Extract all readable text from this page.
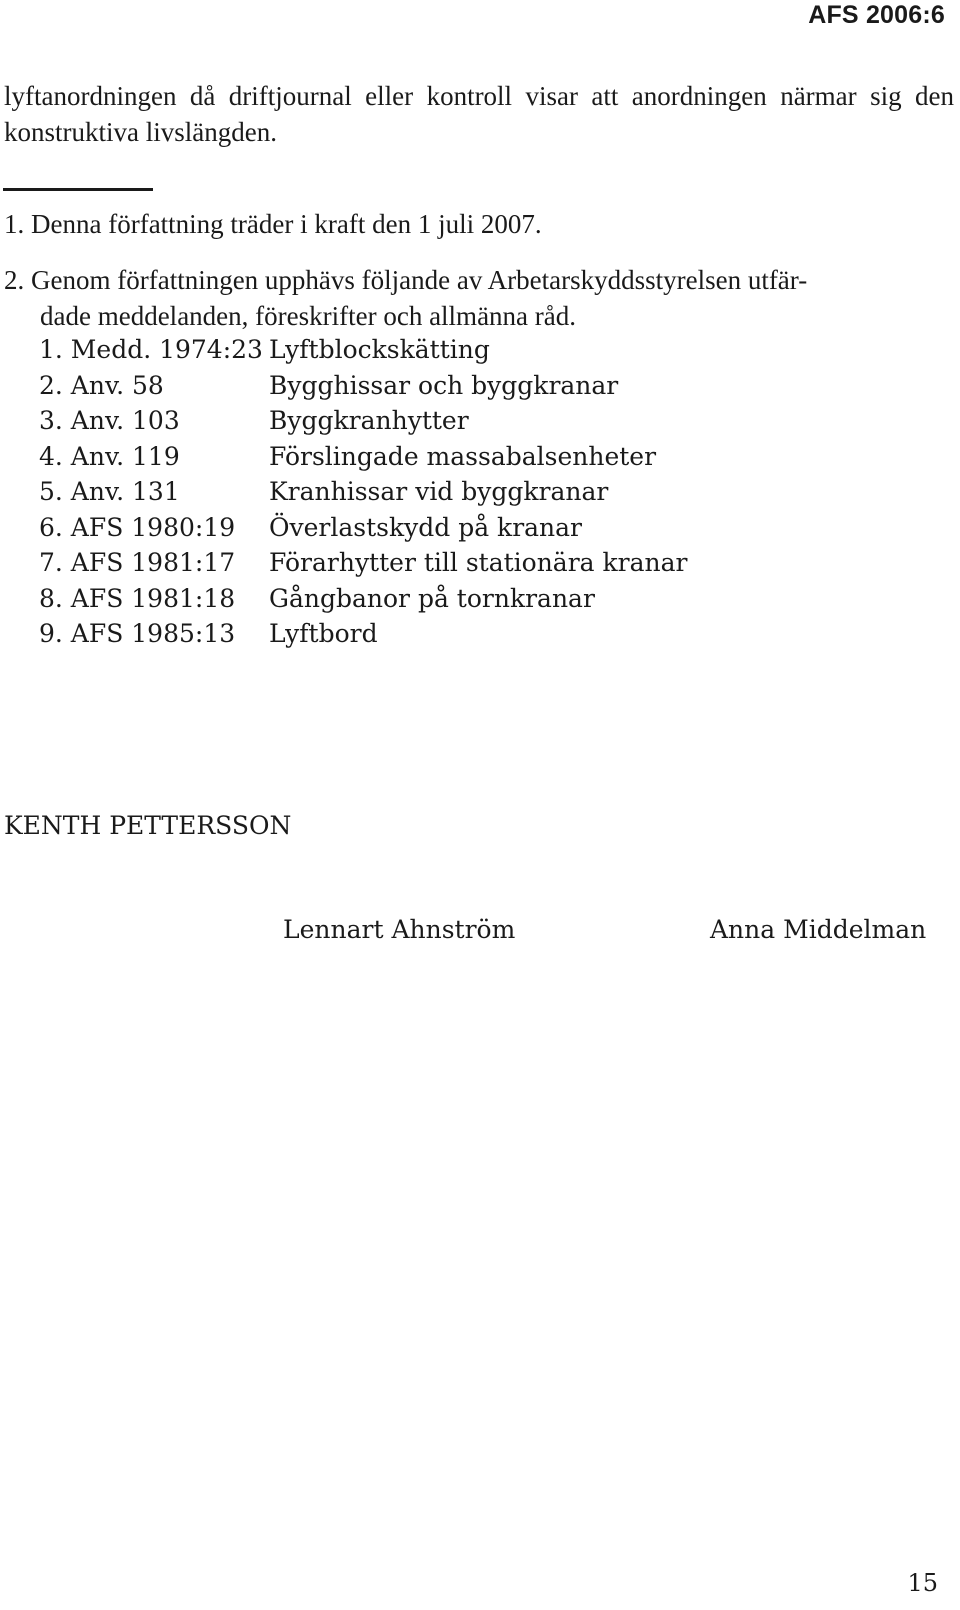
AFS 2006:6

lyftanordningen då driftjournal eller kontroll visar att anordningen närmar sig den konstruktiva livslängden.

1. Denna författning träder i kraft den 1 juli 2007.

2. Genom författningen upphävs följande av Arbetarskyddsstyrelsen utfär-
dade meddelanden, föreskrifter och allmänna råd.

1. Medd. 1974:23 Lyftblockskätting
2. Anv. 58	Bygghissar och byggkranar
3. Anv. 103	Byggkranhytter
4. Anv. 119	Förslingade massabalsenheter
5. Anv. 131	Kranhissar vid byggkranar
6. AFS 1980:19	Överlastskydd på kranar
7. AFS 1981:17	Förarhytter till stationära kranar
8. AFS 1981:18	Gångbanor på tornkranar
9. AFS 1985:13	Lyftbord
KENTH PETTERSSON
Lennart Ahnström	Anna Middelman
15
